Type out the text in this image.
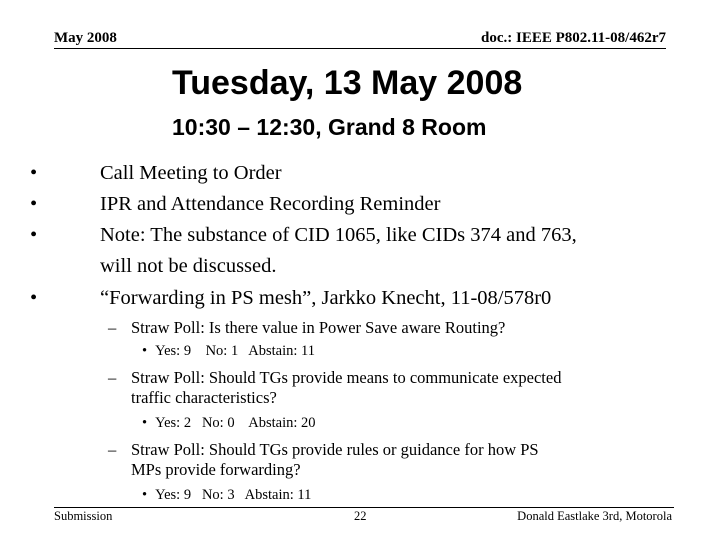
May 2008	doc.: IEEE P802.11-08/462r7
Tuesday, 13 May 2008
10:30 – 12:30, Grand 8 Room
•	Call Meeting to Order
•	IPR and Attendance Recording Reminder
•	Note: The substance of CID 1065, like CIDs 374 and 763,
will not be discussed.
•	“Forwarding in PS mesh”, Jarkko Knecht, 11-08/578r0
– Straw Poll: Is there value in Power Save aware Routing?
• Yes: 9    No: 1   Abstain: 11
– Straw Poll: Should TGs provide means to communicate expected
traffic characteristics?
• Yes: 2   No: 0    Abstain: 20
– Straw Poll: Should TGs provide rules or guidance for how PS
MPs provide forwarding?
• Yes: 9   No: 3   Abstain: 11
Submission	22	Donald Eastlake 3rd, Motorola
